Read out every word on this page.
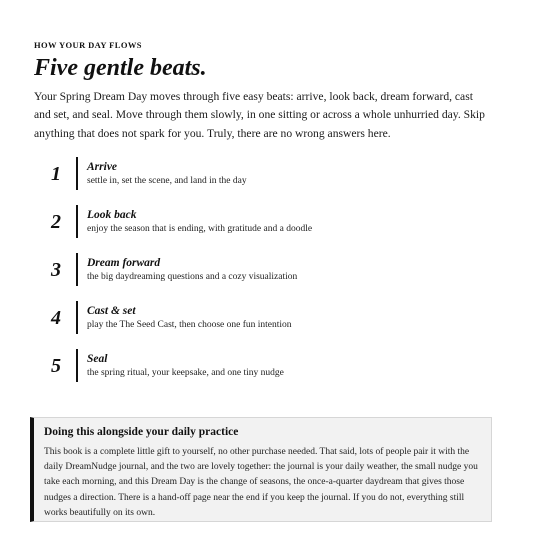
HOW YOUR DAY FLOWS
Five gentle beats.

Your Spring Dream Day moves through five easy beats: arrive, look back, dream forward, cast and set, and seal. Move through them slowly, in one sitting or across a whole unhurried day. Skip anything that does not spark for you. Truly, there are no wrong answers here.

1 Arrive
settle in, set the scene, and land in the day
2 Look back
enjoy the season that is ending, with gratitude and a doodle
3 Dream forward
the big daydreaming questions and a cozy visualization
4 Cast & set
play the The Seed Cast, then choose one fun intention
5 Seal
the spring ritual, your keepsake, and one tiny nudge
Doing this alongside your daily practice

This book is a complete little gift to yourself, no other purchase needed. That said, lots of people pair it with the daily DreamNudge journal, and the two are lovely together: the journal is your daily weather, the small nudge you take each morning, and this Dream Day is the change of seasons, the once-a-quarter daydream that gives those nudges a direction. There is a hand-off page near the end if you keep the journal. If you do not, everything still works beautifully on its own.
